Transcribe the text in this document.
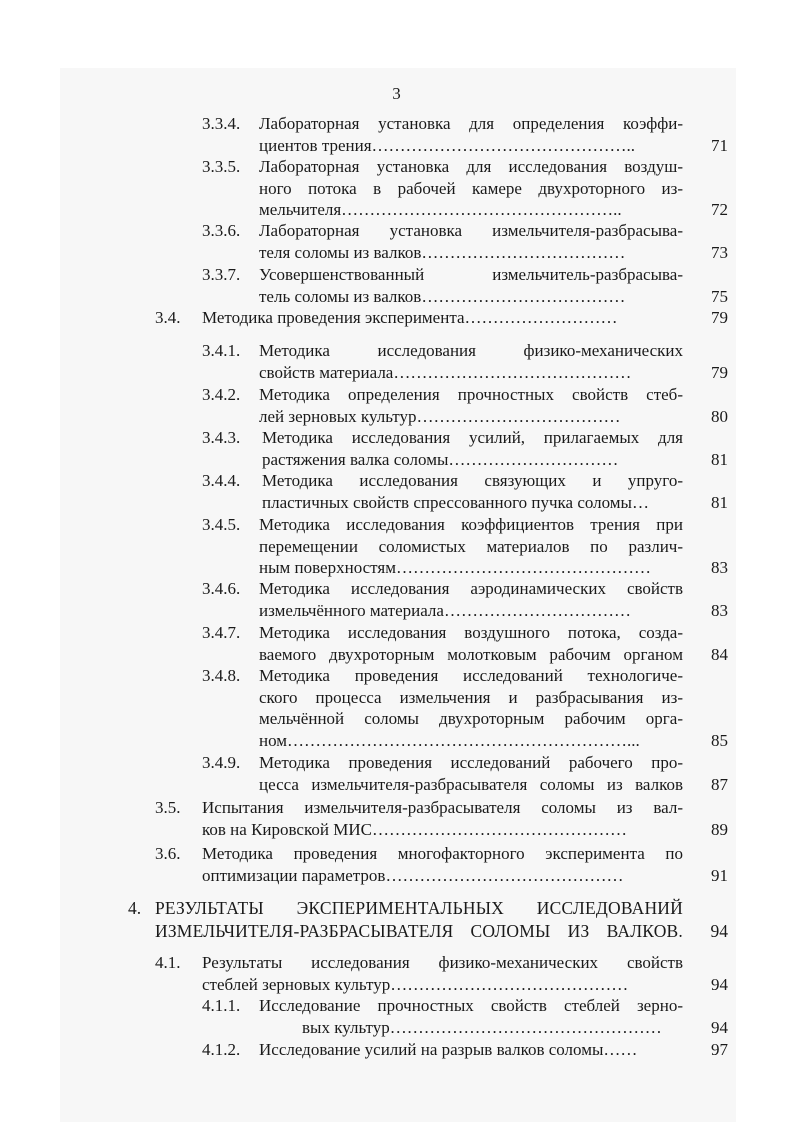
3
3.3.4. Лабораторная установка для определения коэффи-
циентов трения………………………………………..	71
3.3.5. Лабораторная установка для исследования воздуш-
ного потока в рабочей камере двухроторного из-
мельчителя…………………………………………..	72
3.3.6. Лабораторная установка измельчителя-разбрасыва-
теля соломы из валков………………………………	73
3.3.7. Усовершенствованный измельчитель-разбрасыва-
тель соломы из валков………………………………	75
3.4. Методика проведения эксперимента………………………	79
3.4.1. Методика исследования физико-механических
свойств материала……………………………………	79
3.4.2. Методика определения прочностных свойств стеб-
лей зерновых культур………………………………	80
3.4.3. Методика исследования усилий, прилагаемых для
растяжения валка соломы…………………………	81
3.4.4. Методика исследования связующих и упруго-
пластичных свойств спрессованного пучка соломы…	81
3.4.5. Методика исследования коэффициентов трения при
перемещении соломистых материалов по различ-
ным поверхностям………………………………………	83
3.4.6. Методика исследования аэродинамических свойств
измельчённого материала……………………………	83
3.4.7. Методика исследования воздушного потока, созда-
ваемого двухроторным молотковым рабочим органом	84
3.4.8. Методика проведения исследований технологиче-
ского процесса измельчения и разбрасывания из-
мельчённой соломы двухроторным рабочим орга-
ном……………………………………………………...	85
3.4.9. Методика проведения исследований рабочего про-
цесса измельчителя-разбрасывателя соломы из валков	87
3.5. Испытания измельчителя-разбрасывателя соломы из вал-
ков на Кировской МИС………………………………………	89
3.6. Методика проведения многофакторного эксперимента по
оптимизации параметров……………………………………	91
4. РЕЗУЛЬТАТЫ ЭКСПЕРИМЕНТАЛЬНЫХ ИССЛЕДОВАНИЙ
ИЗМЕЛЬЧИТЕЛЯ-РАЗБРАСЫВАТЕЛЯ СОЛОМЫ ИЗ ВАЛКОВ.	94
4.1. Результаты исследования физико-механических свойств
стеблей зерновых культур……………………………………	94
4.1.1. Исследование прочностных свойств стеблей зерно-
вых культур…………………………………………	94
4.1.2. Исследование усилий на разрыв валков соломы……	97
